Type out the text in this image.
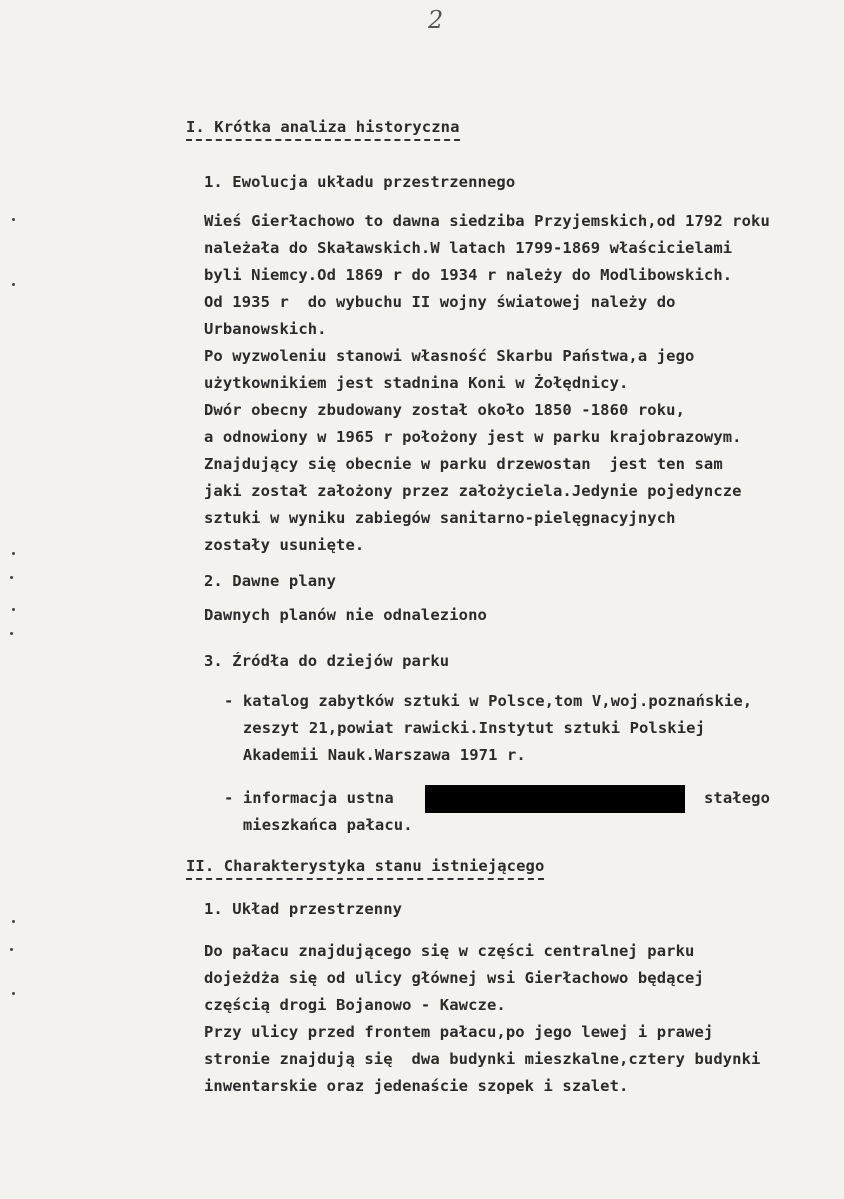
2
I. Krótka analiza historyczna
1. Ewolucja układu przestrzennego
Wieś Gierłachowo to dawna siedziba Przyjemskich,od 1792 roku
należała do Skaławskich.W latach 1799-1869 właścicielami
byli Niemcy.Od 1869 r do 1934 r należy do Modlibowskich.
Od 1935 r  do wybuchu II wojny światowej należy do
Urbanowskich.
Po wyzwoleniu stanowi własność Skarbu Państwa,a jego
użytkownikiem jest stadnina Koni w Żołędnicy.
Dwór obecny zbudowany został około 1850 -1860 roku,
a odnowiony w 1965 r położony jest w parku krajobrazowym.
Znajdujący się obecnie w parku drzewostan  jest ten sam
jaki został założony przez założyciela.Jedynie pojedyncze
sztuki w wyniku zabiegów sanitarno-pielęgnacyjnych
zostały usunięte.
2. Dawne plany
Dawnych planów nie odnaleziono
3. Źródła do dziejów parku
- katalog zabytków sztuki w Polsce,tom V,woj.poznańskie,
zeszyt 21,powiat rawicki.Instytut sztuki Polskiej
Akademii Nauk.Warszawa 1971 r.
- informacja ustna	stałego
mieszkańca pałacu.
II. Charakterystyka stanu istniejącego
1. Układ przestrzenny
Do pałacu znajdującego się w części centralnej parku
dojeżdża się od ulicy głównej wsi Gierłachowo będącej
częścią drogi Bojanowo - Kawcze.
Przy ulicy przed frontem pałacu,po jego lewej i prawej
stronie znajdują się  dwa budynki mieszkalne,cztery budynki
inwentarskie oraz jedenaście szopek i szalet.
